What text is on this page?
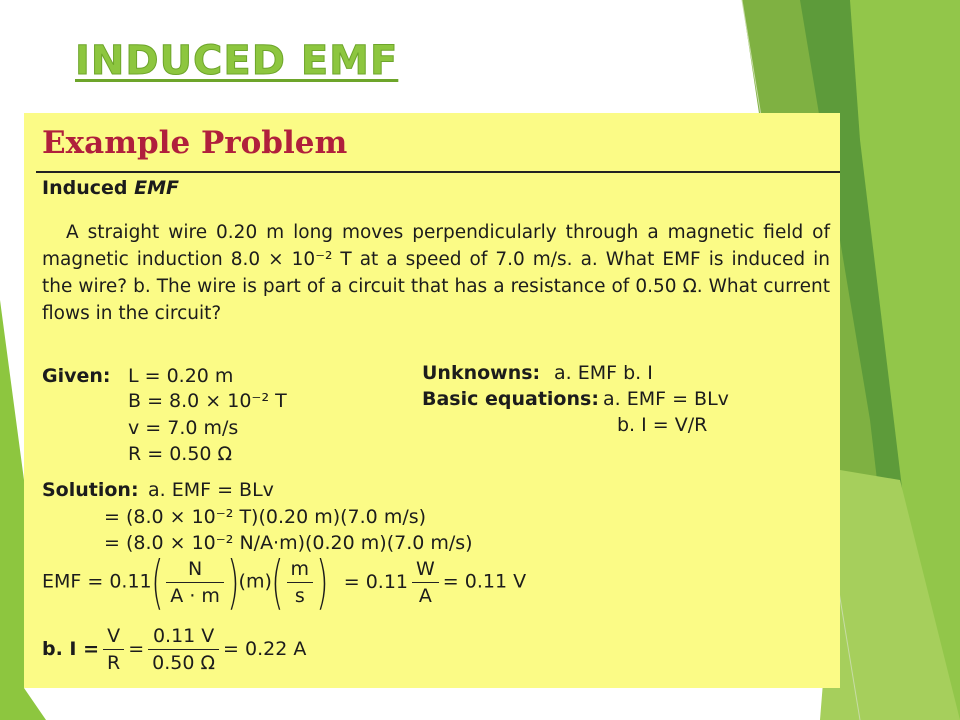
INDUCED EMF
Example Problem
Induced EMF
A straight wire 0.20 m long moves perpendicularly through a magnetic field of magnetic induction 8.0 × 10⁻² T at a speed of 7.0 m/s. a. What EMF is induced in the wire? b. The wire is part of a circuit that has a resistance of 0.50 Ω. What current flows in the circuit?
Given: L = 0.20 m
B = 8.0 × 10⁻² T
v = 7.0 m/s
R = 0.50 Ω
Unknowns: a. EMF b. I
Basic equations: a. EMF = BLv
b. I = V/R
Solution: a. EMF = BLv
= (8.0 × 10⁻² T)(0.20 m)(7.0 m/s)
= (8.0 × 10⁻² N/A·m)(0.20 m)(7.0 m/s)
EMF = $0.11( \frac{N}{A \cdot m} )(m)( \frac{m}{s}$ ) = $0.11 \frac{W}{A} = 0.11$ V
b. $I = \frac{V}{R} = \frac{0.11 V}{0.50 \Omega} = 0.22$ A
